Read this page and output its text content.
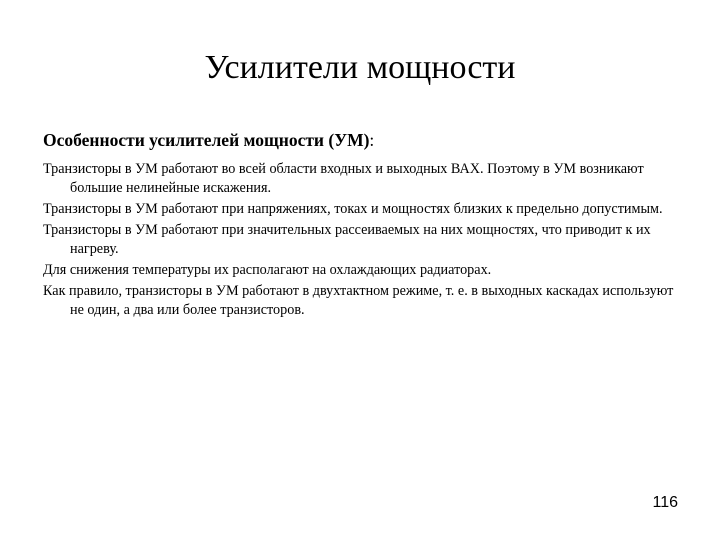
Усилители мощности

Особенности усилителей мощности (УМ):

Транзисторы в УМ работают во всей области входных и выходных ВАХ. Поэтому в УМ возникают большие нелинейные искажения.
Транзисторы в УМ работают при напряжениях, токах и мощностях близких к предельно допустимым.
Транзисторы в УМ работают при значительных рассеиваемых на них мощностях, что приводит к их нагреву.
Для снижения температуры их располагают на охлаждающих радиаторах.
Как правило, транзисторы в УМ работают в двухтактном режиме, т. е. в выходных каскадах используют не один, а два или более транзисторов.
116
